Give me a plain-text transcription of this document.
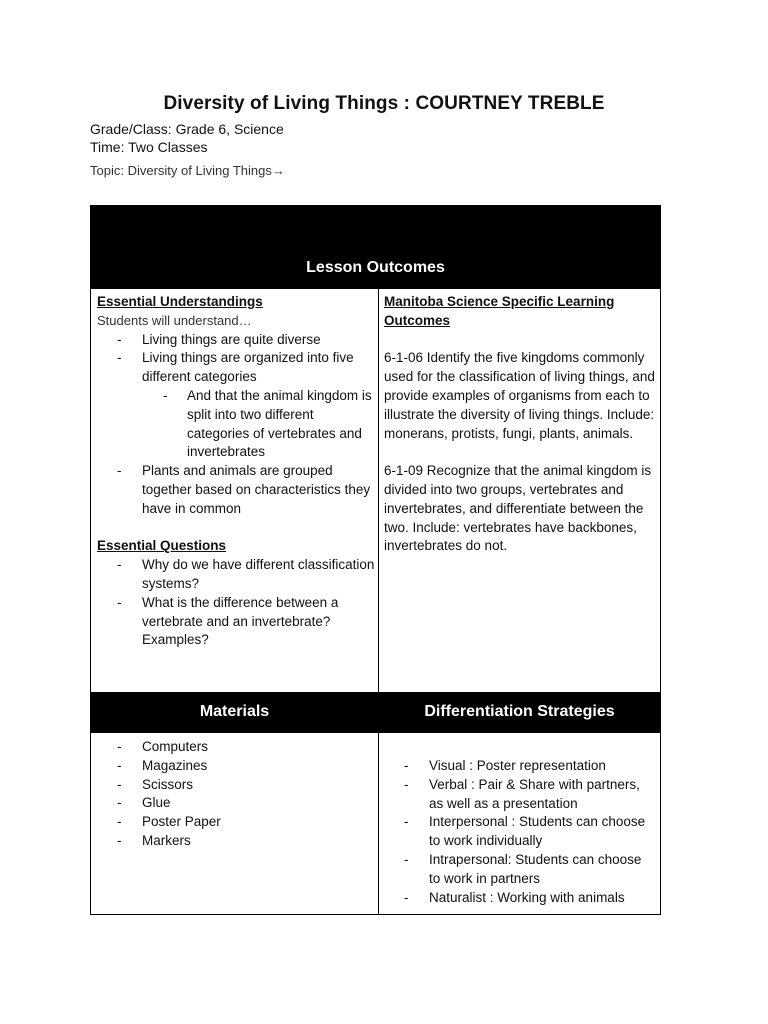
Diversity of Living Things : COURTNEY TREBLE
Grade/Class: Grade 6, Science
Time: Two Classes
Topic: Diversity of Living Things→
Lesson Outcomes
Essential Understandings
Students will understand…
- Living things are quite diverse
- Living things are organized into five different categories
- And that the animal kingdom is split into two different categories of vertebrates and invertebrates
- Plants and animals are grouped together based on characteristics they have in common
Essential Questions
- Why do we have different classification systems?
- What is the difference between a vertebrate and an invertebrate? Examples?
Manitoba Science Specific Learning Outcomes

6-1-06 Identify the five kingdoms commonly used for the classification of living things, and provide examples of organisms from each to illustrate the diversity of living things. Include: monerans, protists, fungi, plants, animals.

6-1-09 Recognize that the animal kingdom is divided into two groups, vertebrates and invertebrates, and differentiate between the two. Include: vertebrates have backbones, invertebrates do not.

Materials	Differentiation Strategies
- Computers
- Magazines
- Scissors
- Glue
- Poster Paper
- Markers
- Visual : Poster representation
- Verbal : Pair & Share with partners, as well as a presentation
- Interpersonal : Students can choose to work individually
- Intrapersonal: Students can choose to work in partners
- Naturalist : Working with animals
